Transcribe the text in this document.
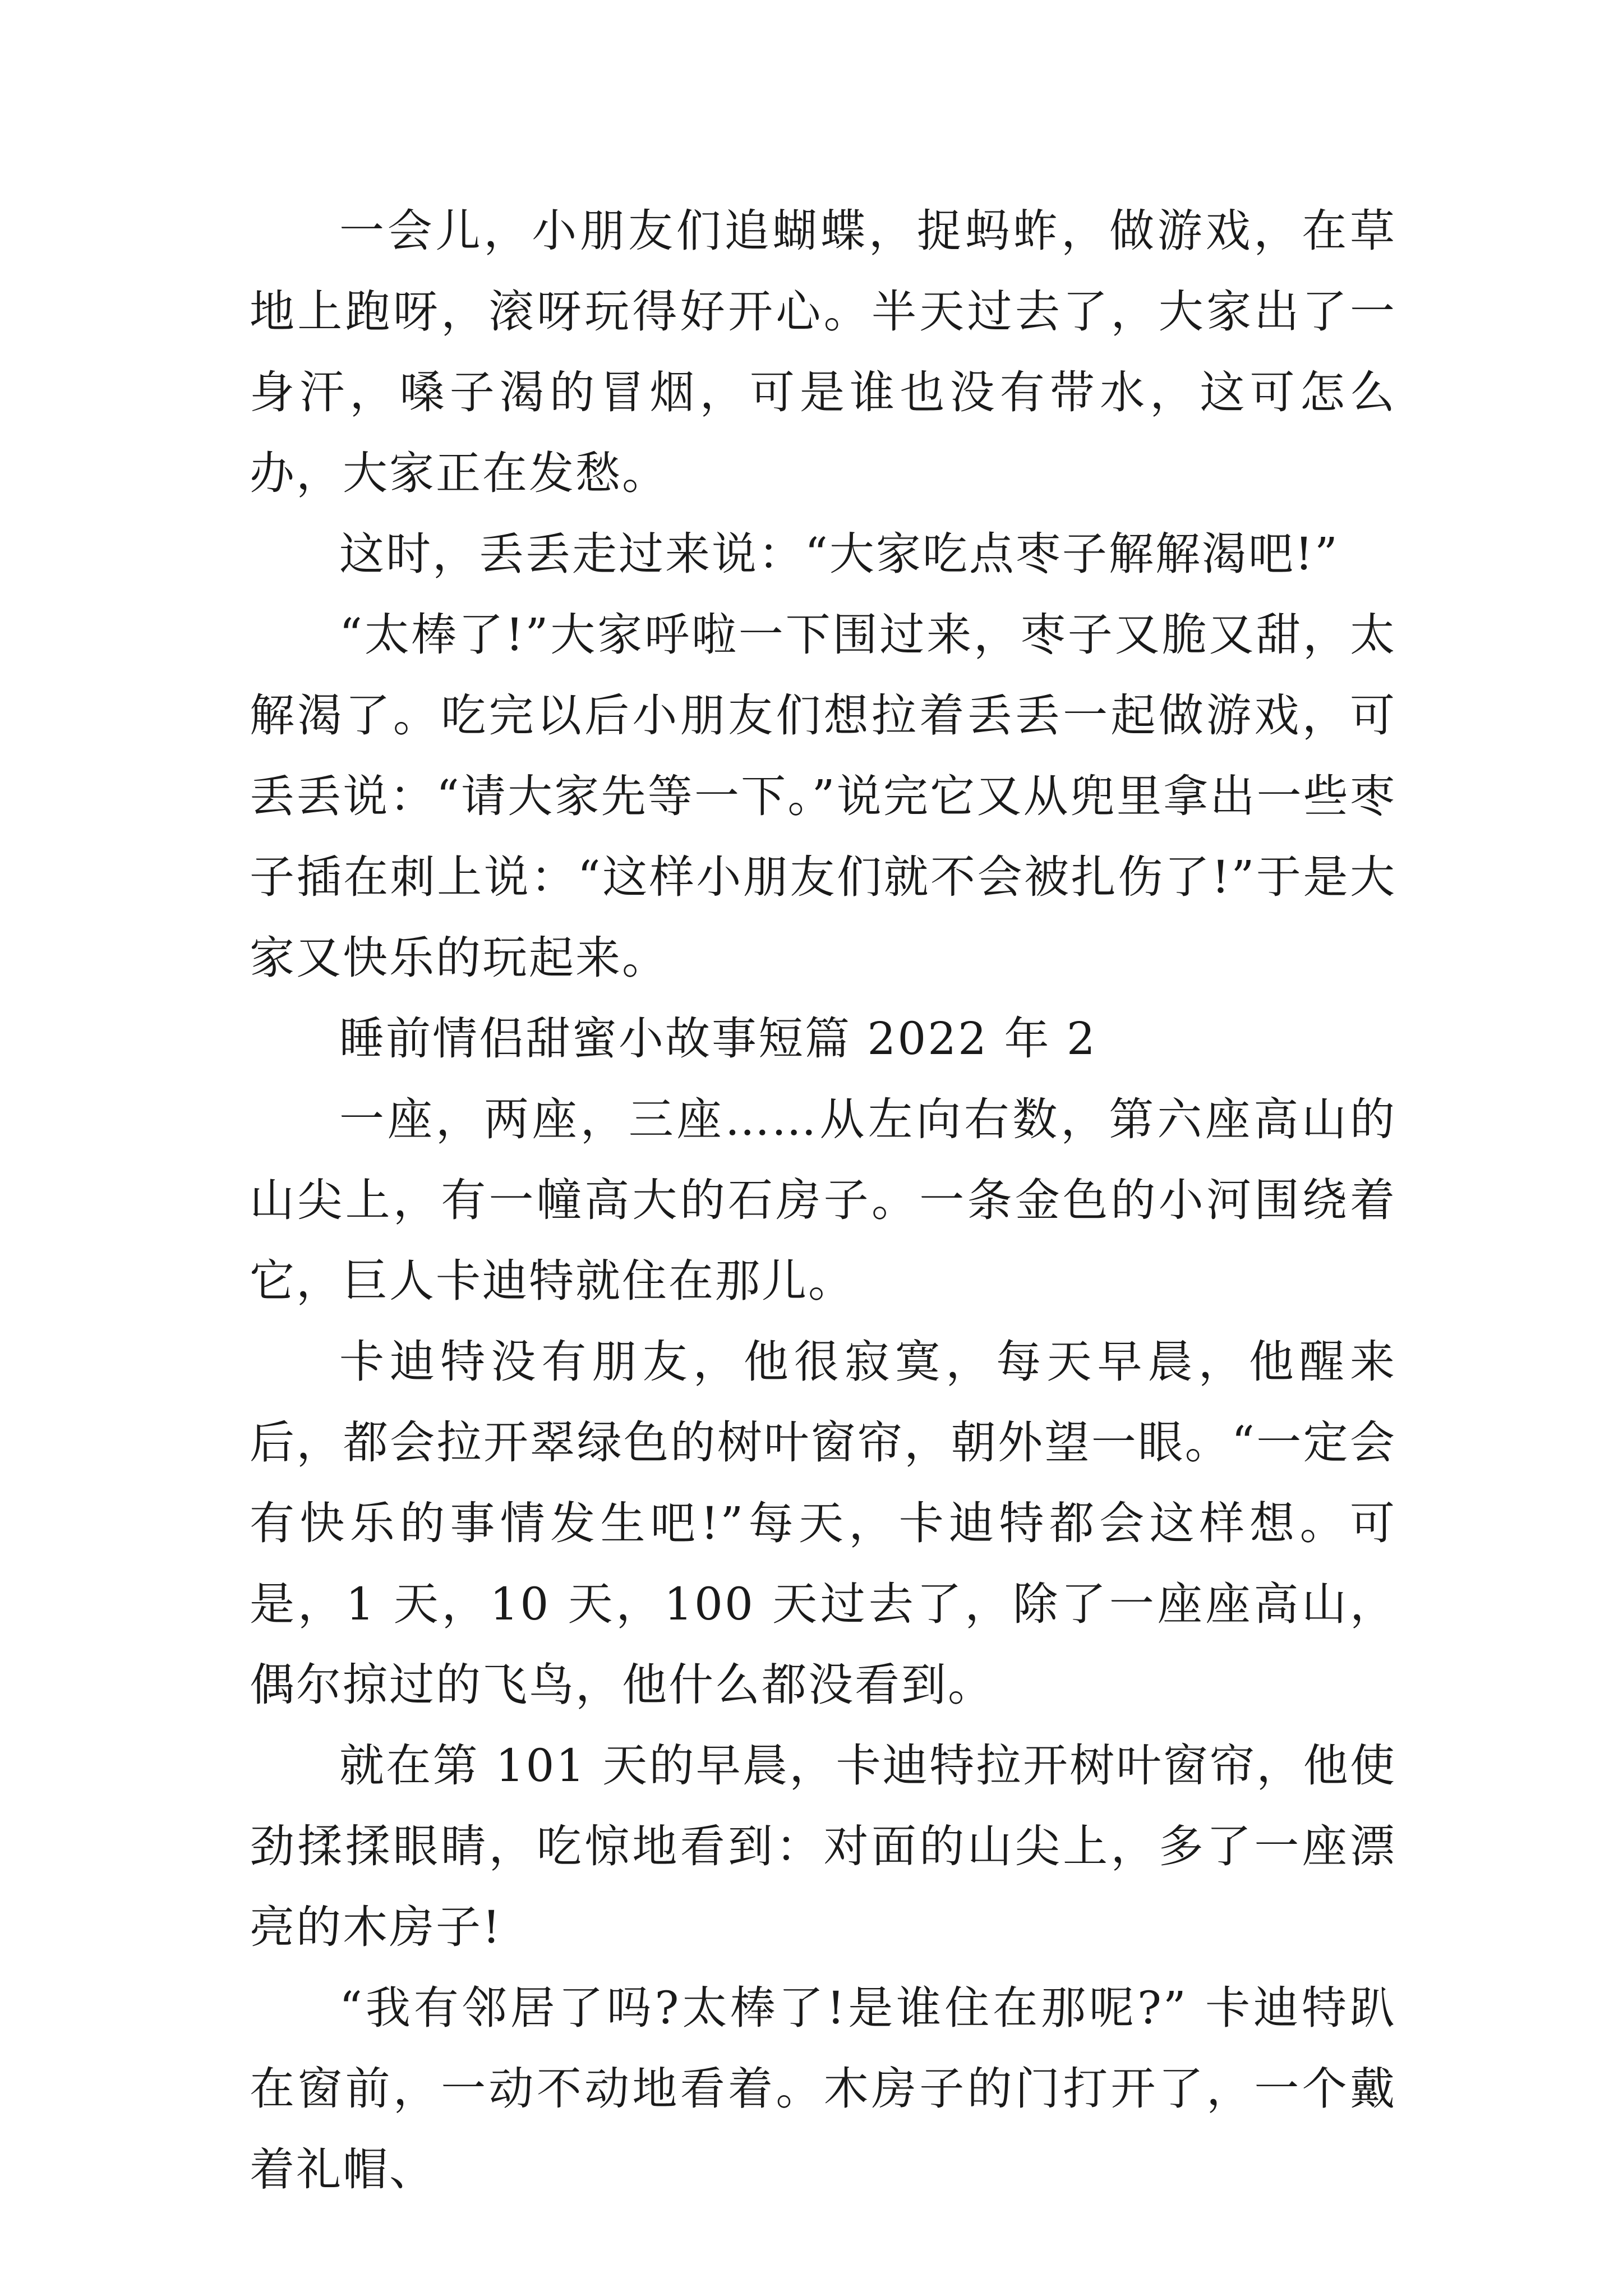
一会儿，小朋友们追蝴蝶，捉蚂蚱，做游戏，在草地上跑呀，滚呀玩得好开心。半天过去了，大家出了一身汗，嗓子渴的冒烟，可是谁也没有带水，这可怎么办，大家正在发愁。

这时，丢丢走过来说：“大家吃点枣子解解渴吧!”

“太棒了!”大家呼啦一下围过来，枣子又脆又甜，太解渴了。吃完以后小朋友们想拉着丢丢一起做游戏，可丢丢说：“请大家先等一下。”说完它又从兜里拿出一些枣子插在刺上说：“这样小朋友们就不会被扎伤了!”于是大家又快乐的玩起来。

睡前情侣甜蜜小故事短篇 2022 年 2

一座，两座，三座……从左向右数，第六座高山的山尖上，有一幢高大的石房子。一条金色的小河围绕着它，巨人卡迪特就住在那儿。

卡迪特没有朋友，他很寂寞，每天早晨，他醒来后，都会拉开翠绿色的树叶窗帘，朝外望一眼。“一定会有快乐的事情发生吧!”每天，卡迪特都会这样想。可是，1 天，10 天，100 天过去了，除了一座座高山，偶尔掠过的飞鸟，他什么都没看到。

就在第 101 天的早晨，卡迪特拉开树叶窗帘，他使劲揉揉眼睛，吃惊地看到：对面的山尖上，多了一座漂亮的木房子!

“我有邻居了吗?太棒了!是谁住在那呢?” 卡迪特趴在窗前，一动不动地看着。木房子的门打开了，一个戴着礼帽、
